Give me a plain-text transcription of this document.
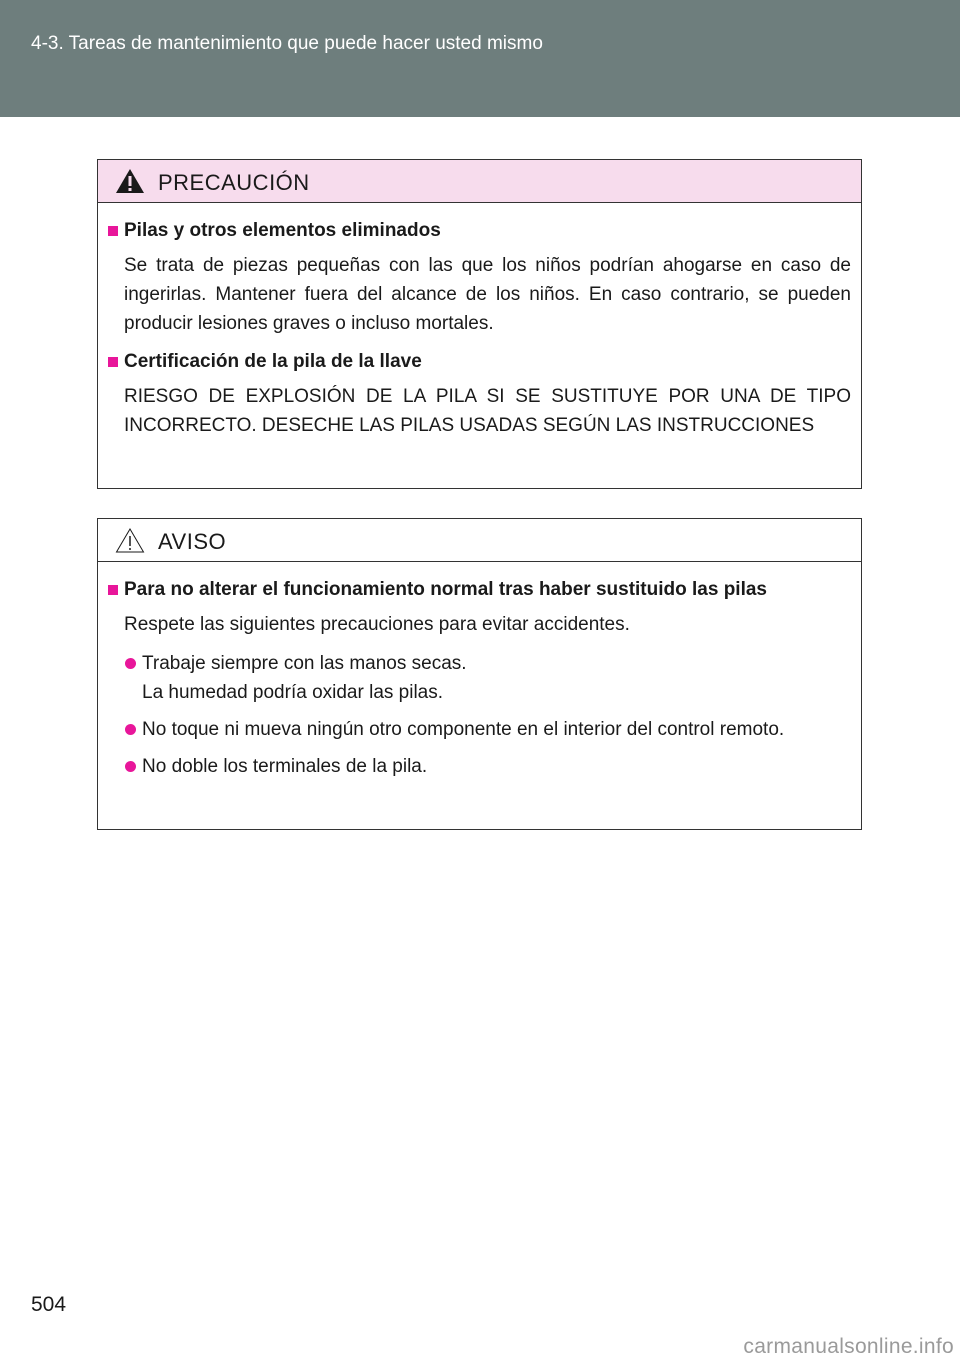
4-3. Tareas de mantenimiento que puede hacer usted mismo
PRECAUCIÓN
Pilas y otros elementos eliminados
Se trata de piezas pequeñas con las que los niños podrían ahogarse en caso de ingerirlas. Mantener fuera del alcance de los niños. En caso contrario, se pueden producir lesiones graves o incluso mortales.
Certificación de la pila de la llave
RIESGO DE EXPLOSIÓN DE LA PILA SI SE SUSTITUYE POR UNA DE TIPO INCORRECTO. DESECHE LAS PILAS USADAS SEGÚN LAS INSTRUCCIONES
AVISO
Para no alterar el funcionamiento normal tras haber sustituido las pilas
Respete las siguientes precauciones para evitar accidentes.
Trabaje siempre con las manos secas.
La humedad podría oxidar las pilas.
No toque ni mueva ningún otro componente en el interior del control remoto.
No doble los terminales de la pila.
504
carmanualsonline.info
